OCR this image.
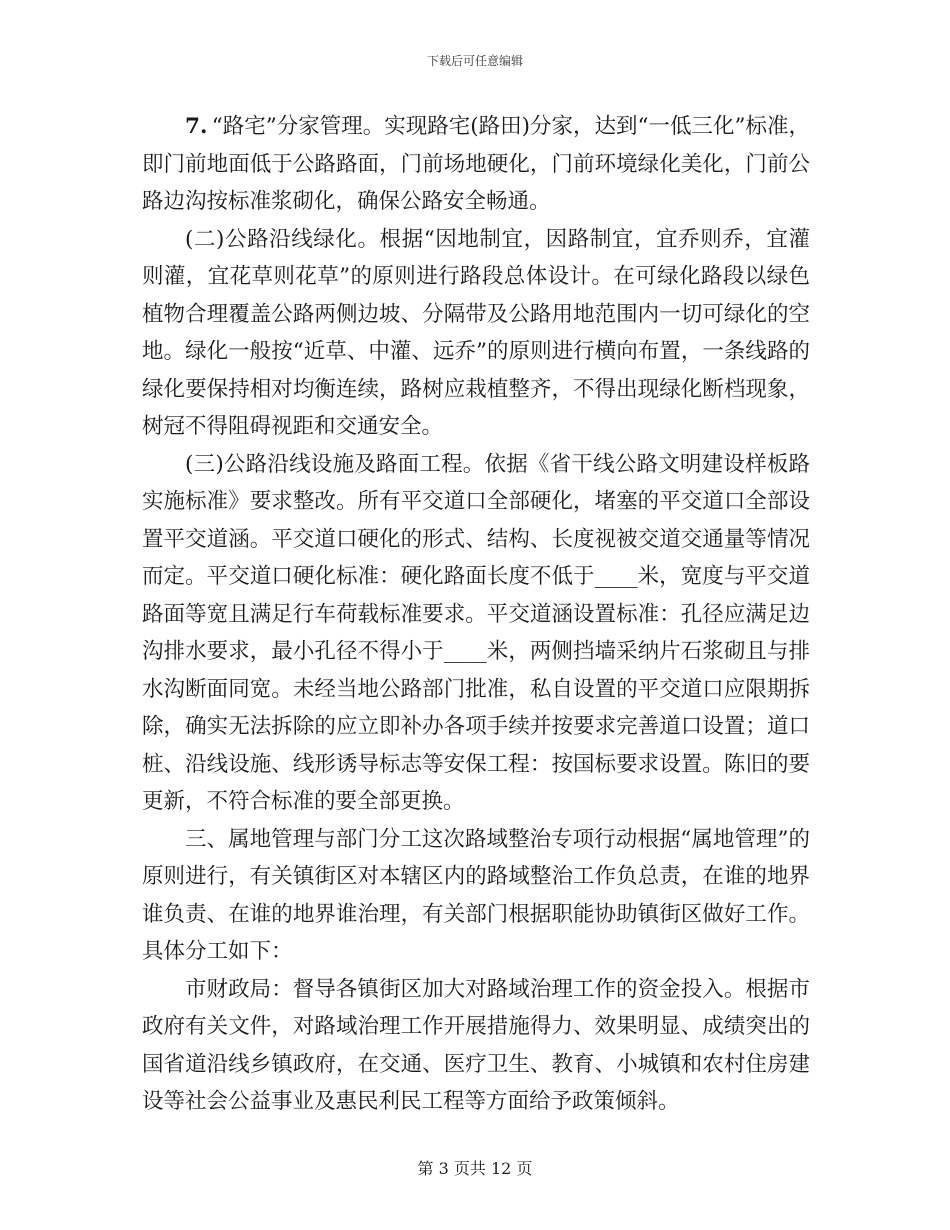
下载后可任意编辑

7.  “路宅”分家管理。实现路宅(路田)分家，达到“一低三化”标准，即门前地面低于公路路面，门前场地硬化，门前环境绿化美化，门前公路边沟按标准浆砌化，确保公路安全畅通。

(二)公路沿线绿化。根据“因地制宜，因路制宜，宜乔则乔，宜灌则灌，宜花草则花草”的原则进行路段总体设计。在可绿化路段以绿色植物合理覆盖公路两侧边坡、分隔带及公路用地范围内一切可绿化的空地。绿化一般按“近草、中灌、远乔”的原则进行横向布置，一条线路的绿化要保持相对均衡连续，路树应栽植整齐，不得出现绿化断档现象，树冠不得阻碍视距和交通安全。

(三)公路沿线设施及路面工程。依据《省干线公路文明建设样板路实施标准》要求整改。所有平交道口全部硬化，堵塞的平交道口全部设置平交道涵。平交道口硬化的形式、结构、长度视被交道交通量等情况而定。平交道口硬化标准：硬化路面长度不低于____米，宽度与平交道路面等宽且满足行车荷载标准要求。平交道涵设置标准：孔径应满足边沟排水要求，最小孔径不得小于____米，两侧挡墙采纳片石浆砌且与排水沟断面同宽。未经当地公路部门批准，私自设置的平交道口应限期拆除，确实无法拆除的应立即补办各项手续并按要求完善道口设置；道口桩、沿线设施、线形诱导标志等安保工程：按国标要求设置。陈旧的要更新，不符合标准的要全部更换。

三、属地管理与部门分工这次路域整治专项行动根据“属地管理”的原则进行，有关镇街区对本辖区内的路域整治工作负总责，在谁的地界谁负责、在谁的地界谁治理，有关部门根据职能协助镇街区做好工作。具体分工如下：

市财政局：督导各镇街区加大对路域治理工作的资金投入。根据市政府有关文件，对路域治理工作开展措施得力、效果明显、成绩突出的国省道沿线乡镇政府，在交通、医疗卫生、教育、小城镇和农村住房建设等社会公益事业及惠民利民工程等方面给予政策倾斜。

第 3 页共 12 页
